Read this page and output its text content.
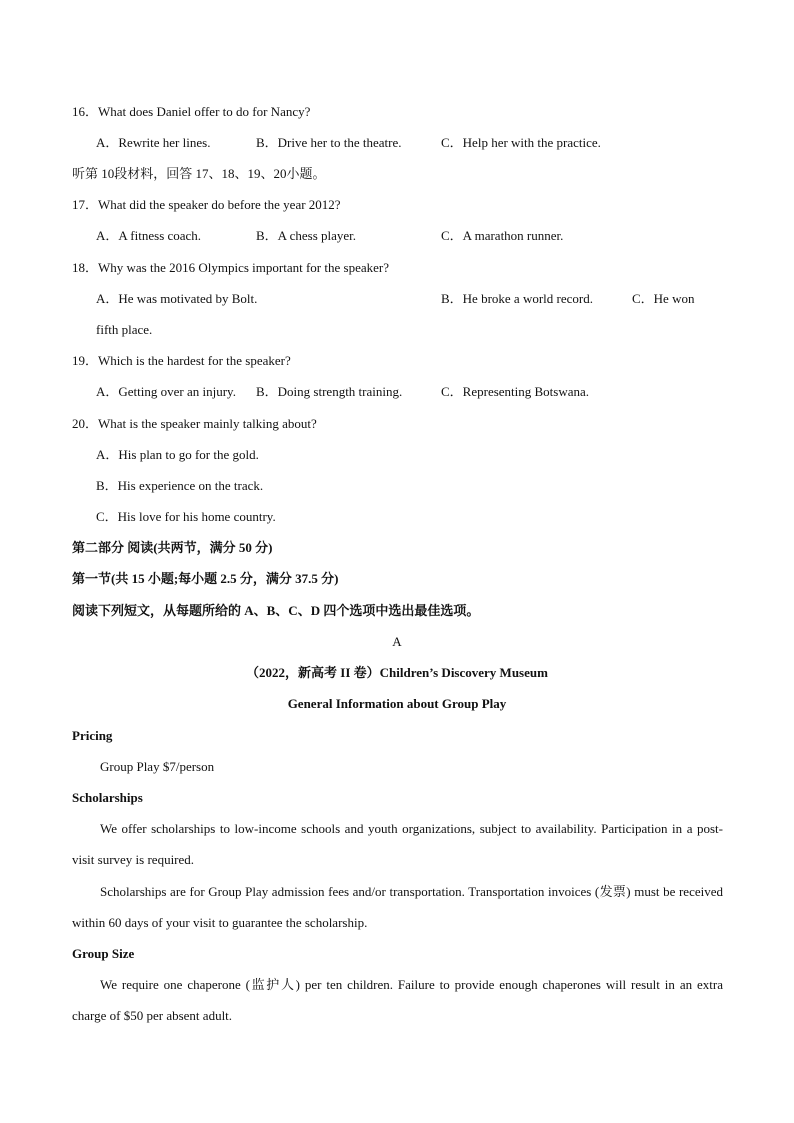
16．What does Daniel offer to do for Nancy?
A．Rewrite her lines.	B．Drive her to the theatre.	C．Help her with the practice.
听第 10段材料，回答 17、18、19、20小题。
17．What did the speaker do before the year 2012?
A．A fitness coach.	B．A chess player.	C．A marathon runner.
18．Why was the 2016 Olympics important for the speaker?
A．He was motivated by Bolt.	B．He broke a world record.	C．He won
fifth place.
19．Which is the hardest for the speaker?
A．Getting over an injury. B．Doing strength training.	C．Representing Botswana.
20．What is the speaker mainly talking about?
A．His plan to go for the gold.
B．His experience on the track.
C．His love for his home country.
第二部分 阅读(共两节，满分 50 分)
第一节(共 15 小题;每小题 2.5 分，满分 37.5 分)
阅读下列短文，从每题所给的 A、B、C、D 四个选项中选出最佳选项。
A
（2022，新高考 II 卷）Children’s Discovery Museum
General Information about Group Play
Pricing
Group Play $7/person
Scholarships
We offer scholarships to low-income schools and youth organizations, subject to availability. Participation in a post-visit survey is required.
Scholarships are for Group Play admission fees and/or transportation. Transportation invoices (发票) must be received within 60 days of your visit to guarantee the scholarship.
Group Size
We require one chaperone (监护人) per ten children. Failure to provide enough chaperones will result in an extra charge of $50 per absent adult.
